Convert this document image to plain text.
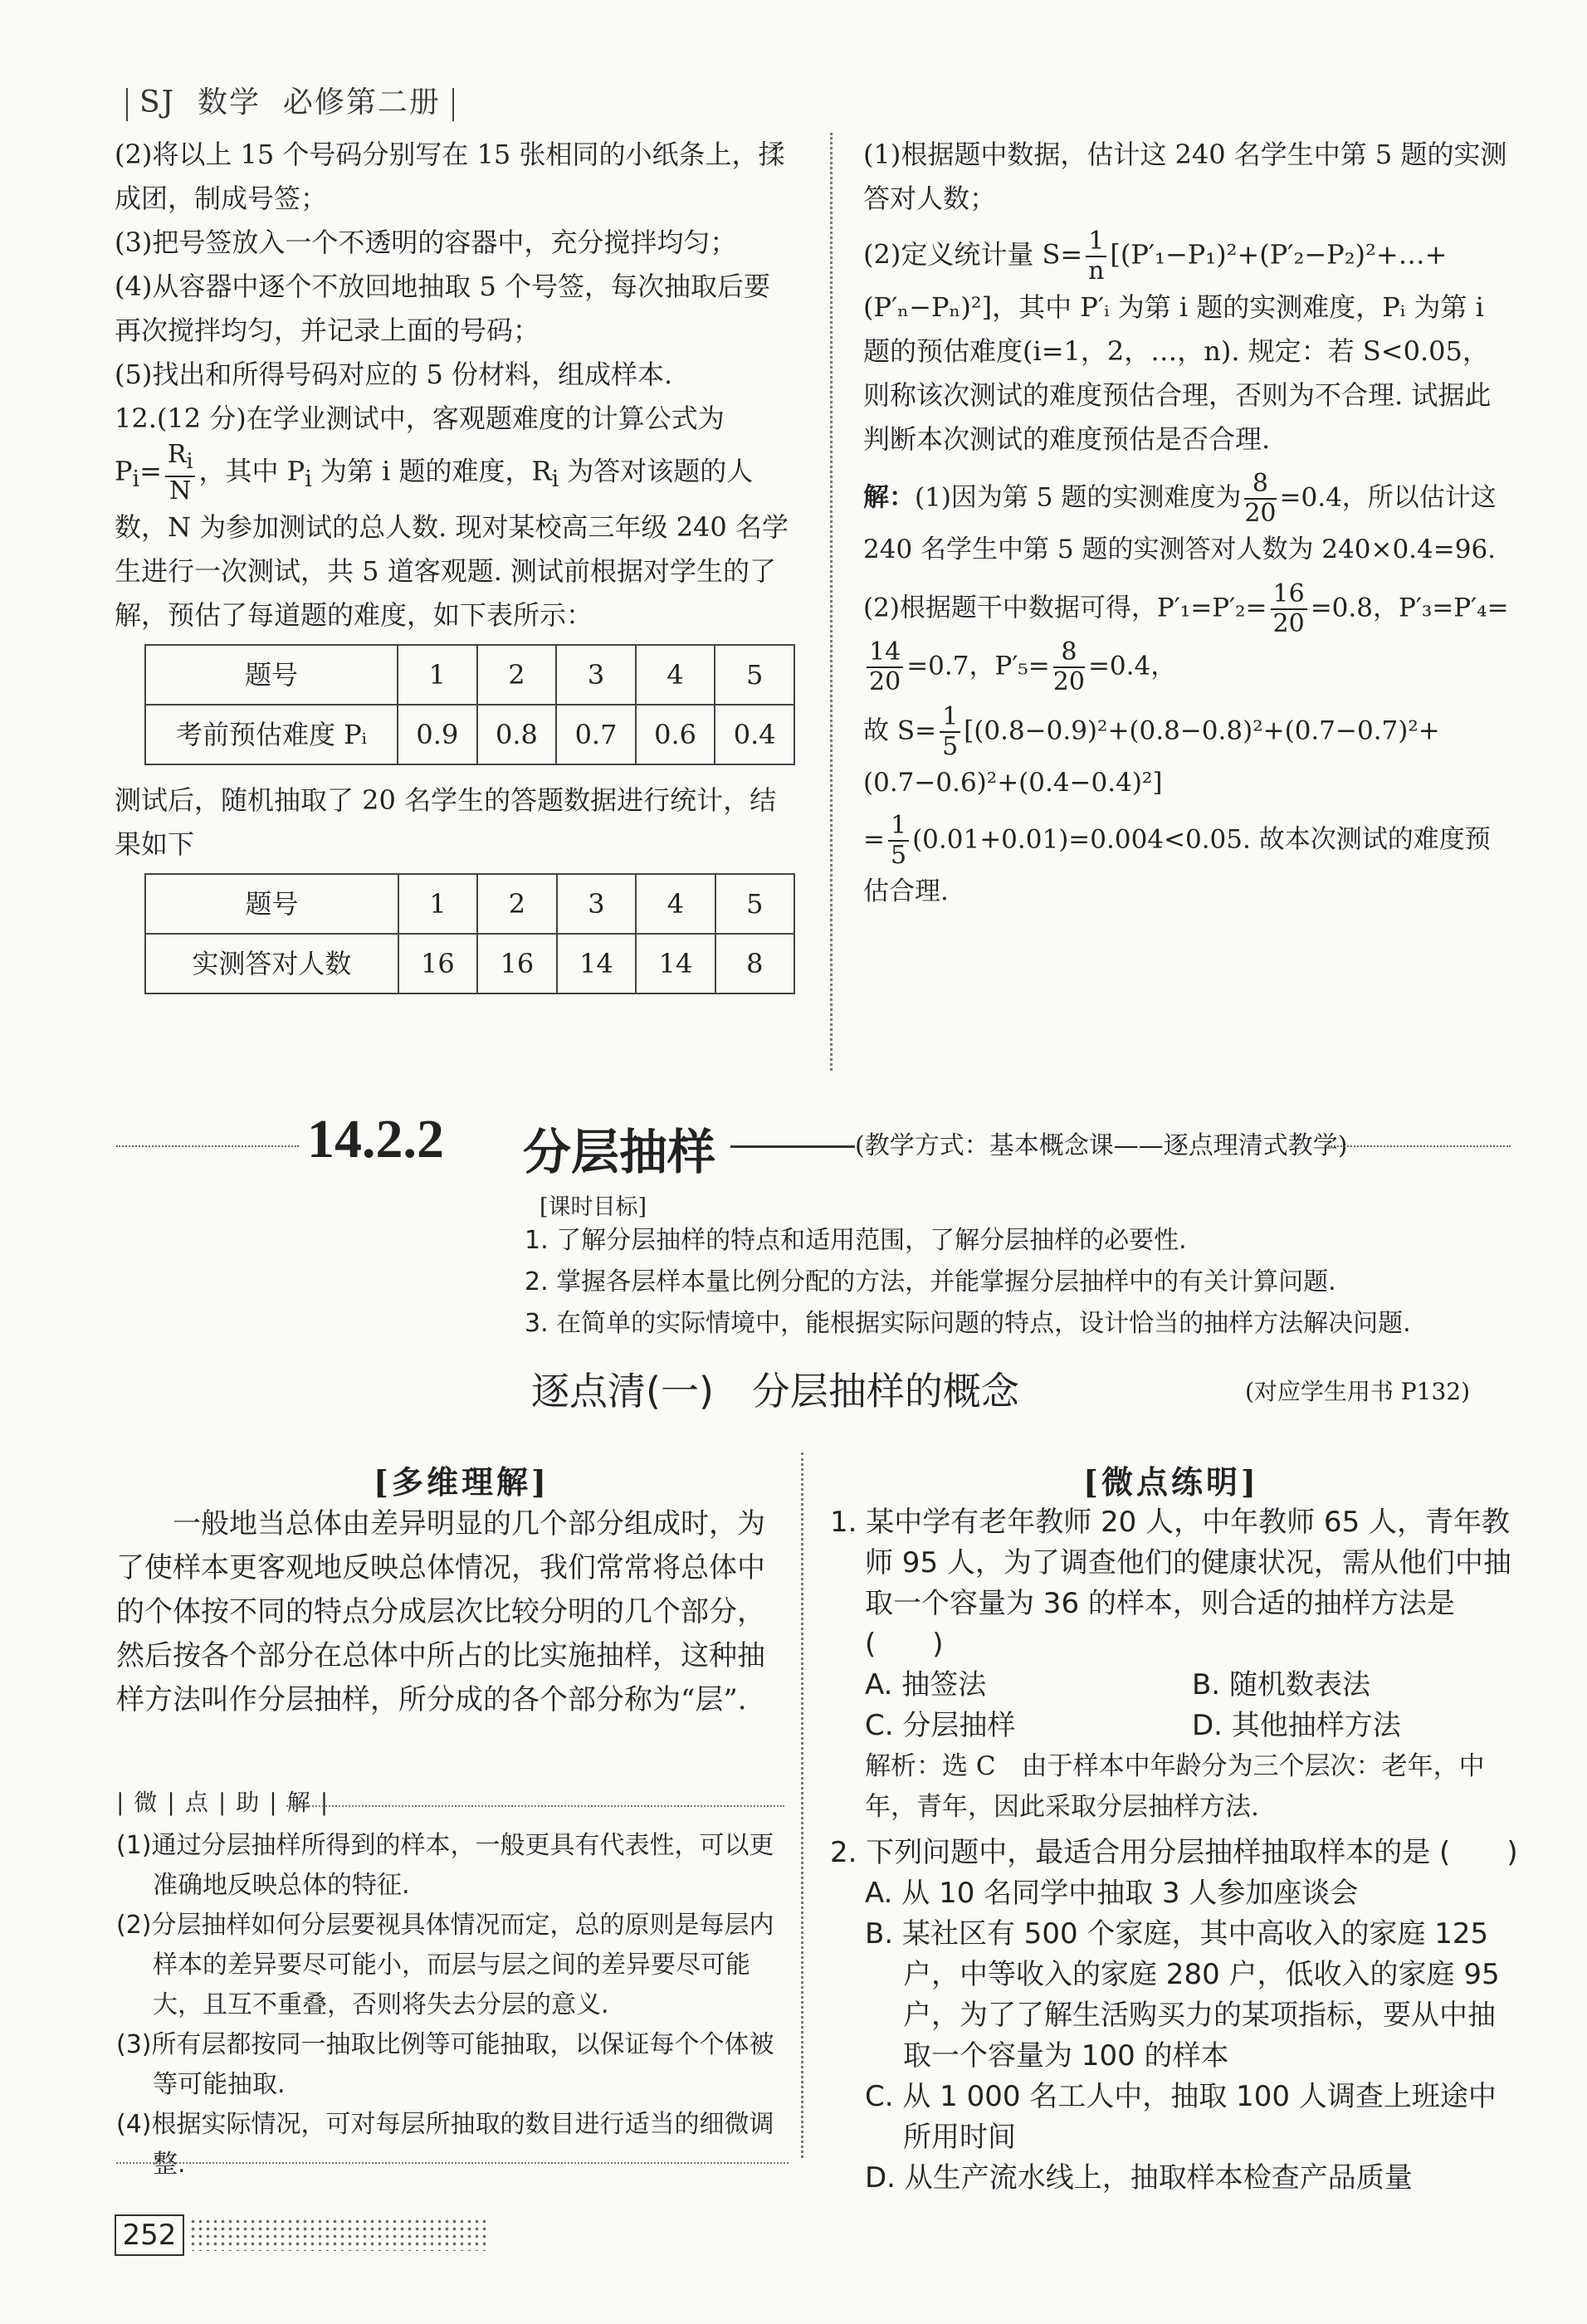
SJ 数学 必修第二册

(2)将以上 15 个号码分别写在 15 张相同的小纸条上，揉成团，制成号签；

(3)把号签放入一个不透明的容器中，充分搅拌均匀；

(4)从容器中逐个不放回地抽取 5 个号签，每次抽取后要再次搅拌均匀，并记录上面的号码；

(5)找出和所得号码对应的 5 份材料，组成样本.

12.(12 分)在学业测试中，客观题难度的计算公式为

$P_i= \frac{R_i}{N}$ ，其中 $P_i$ 为第 i 题的难度，$R_i$ 为答对该题的人数，N 为参加测试的总人数. 现对某校高三年级 240 名学生进行一次测试，共 5 道客观题. 测试前根据对学生的了解，预估了每道题的难度，如下表所示：

题号	1	2	3	4	5
考前预估难度 Pᵢ	0.9	0.8	0.7	0.6	0.4

测试后，随机抽取了 20 名学生的答题数据进行统计，结果如下

题号	1	2	3	4	5
实测答对人数	16	16	14	14	8

(1)根据题中数据，估计这 240 名学生中第 5 题的实测答对人数；

(2)定义统计量 $S= \frac{1}{n}$ [(P′₁−P₁)²+(P′₂−P₂)²+…+(P′ₙ−Pₙ)²]，其中 P′ᵢ 为第 i 题的实测难度，Pᵢ 为第 i 题的预估难度(i=1，2，…，n). 规定：若 S<0.05，则称该次测试的难度预估合理，否则为不合理. 试据此判断本次测试的难度预估是否合理.

解：(1)因为第 5 题的实测难度为 $\frac{8}{20} =0.4$，所以估计这 240 名学生中第 5 题的实测答对人数为 240×0.4=96.

(2)根据题干中数据可得，$P'_1=P'_2= \frac{16}{20} =0.8$，P′₃=P′₄=
$\frac{14}{20} =0.7$，$P'_5= \frac{8}{20} =0.4$，

故 $S= \frac{1}{5} [(0.8-0.9)^2+(0.8-0.8)^2+(0.7-0.7)^2+(0.7-0.6)^2+(0.4-0.4)^2]$

= $\frac{1}{5} (0.01+0.01)=0.004<0.05$. 故本次测试的难度预估合理.

14.2.2 分层抽样	(教学方式：基本概念课——逐点理清式教学)
[课时目标]

1. 了解分层抽样的特点和适用范围，了解分层抽样的必要性.

2. 掌握各层样本量比例分配的方法，并能掌握分层抽样中的有关计算问题.

3. 在简单的实际情境中，能根据实际问题的特点，设计恰当的抽样方法解决问题.

逐点清(一)　分层抽样的概念	(对应学生用书 P132)
[多维理解]

一般地当总体由差异明显的几个部分组成时，为了使样本更客观地反映总体情况，我们常常将总体中的个体按不同的特点分成层次比较分明的几个部分，然后按各个部分在总体中所占的比实施抽样，这种抽样方法叫作分层抽样，所分成的各个部分称为“层”.

|微|点|助|解|

(1)通过分层抽样所得到的样本，一般更具有代表性，可以更准确地反映总体的特征.

(2)分层抽样如何分层要视具体情况而定，总的原则是每层内样本的差异要尽可能小，而层与层之间的差异要尽可能大，且互不重叠，否则将失去分层的意义.

(3)所有层都按同一抽取比例等可能抽取，以保证每个个体被等可能抽取.

(4)根据实际情况，可对每层所抽取的数目进行适当的细微调整.

[微点练明]

1. 某中学有老年教师 20 人，中年教师 65 人，青年教师 95 人，为了调查他们的健康状况，需从他们中抽取一个容量为 36 的样本，则合适的抽样方法是　(　　)

A. 抽签法	B. 随机数表法
C. 分层抽样	D. 其他抽样方法

解析：选 C　由于样本中年龄分为三个层次：老年，中年，青年，因此采取分层抽样方法.

2. 下列问题中，最适合用分层抽样抽取样本的是 (　　)

A. 从 10 名同学中抽取 3 人参加座谈会

B. 某社区有 500 个家庭，其中高收入的家庭 125 户，中等收入的家庭 280 户，低收入的家庭 95 户，为了了解生活购买力的某项指标，要从中抽取一个容量为 100 的样本

C. 从 1 000 名工人中，抽取 100 人调查上班途中所用时间

D. 从生产流水线上，抽取样本检查产品质量

252
